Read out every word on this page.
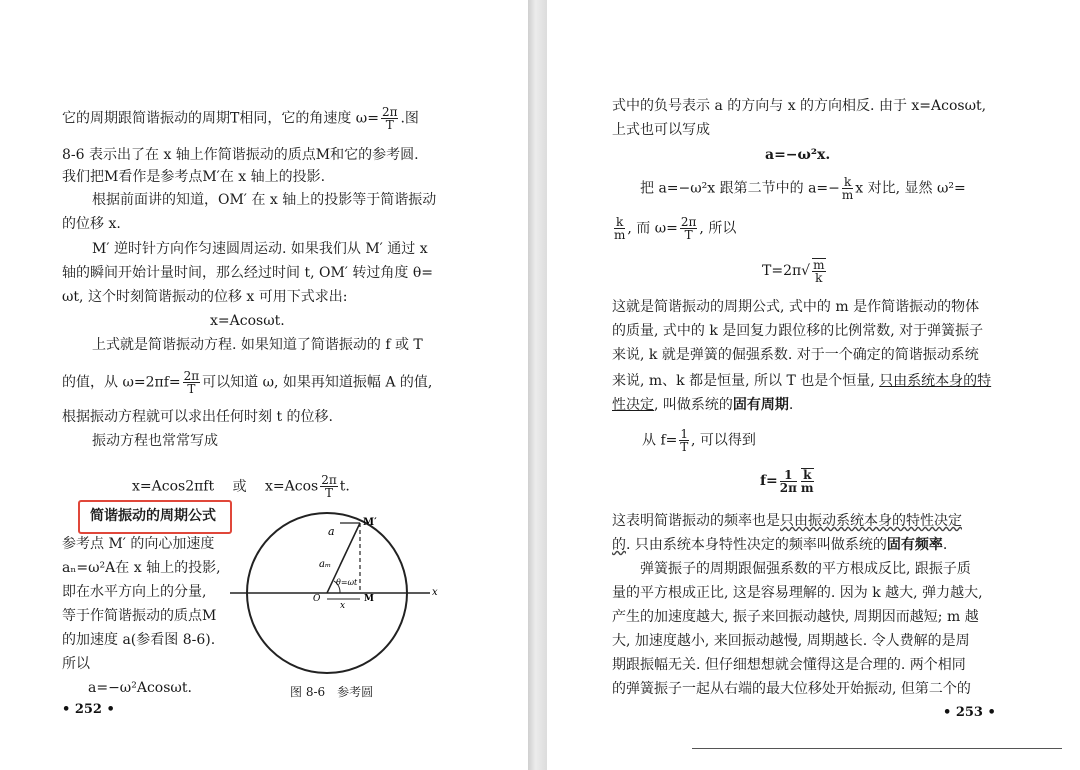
它的周期跟简谐振动的周期T相同，它的角速度 $\omega= \frac{2\pi}{T}$ .图
8-6 表示出了在 x 轴上作简谐振动的质点M和它的参考圆.
我们把M看作是参考点M′在 x 轴上的投影.
根据前面讲的知道，OM′ 在 x 轴上的投影等于简谐振动
的位移 x.
M′ 逆时针方向作匀速圆周运动. 如果我们从 M′ 通过 x
轴的瞬间开始计量时间，那么经过时间 t, OM′ 转过角度 θ=
ωt, 这个时刻简谐振动的位移 x 可用下式求出:
x=Acosωt.
上式就是简谐振动方程. 如果知道了简谐振动的 f 或 T
的值，从 $\omega=2\pi f= \frac{2\pi}{T}$ 可以知道 ω, 如果再知道振幅 A 的值,
根据振动方程就可以求出任何时刻 t 的位移.
振动方程也常常写成
x=Acos2πft 或 $x=Acos \frac{2\pi}{T} t$.
简谐振动的周期公式
参考点 M′ 的向心加速度
aₙ=ω²A在 x 轴上的投影,
即在水平方向上的分量,
等于作简谐振动的质点M
的加速度 a(参看图 8-6).
所以
a=−ω²Acosωt.
a
M′
aₘ
θ=ωt
O
x
M
x
图 8-6　参考圆
• 252 •
式中的负号表示 a 的方向与 x 的方向相反. 由于 x=Acosωt,
上式也可以写成
a=−ω²x.
把 a=−ω²x 跟第二节中的 $a=- \frac{k}{m}$ x 对比, 显然 ω²=
$\frac{k}{m}$ , 而 $\omega= \frac{2\pi}{T}$ , 所以
$T=2\pi√ \frac{m}{k}$
这就是简谐振动的周期公式, 式中的 m 是作简谐振动的物体
的质量, 式中的 k 是回复力跟位移的比例常数, 对于弹簧振子
来说, k 就是弹簧的倔强系数. 对于一个确定的简谐振动系统
来说, m、k 都是恒量, 所以 T 也是个恒量, 只由系统本身的特
性决定, 叫做系统的固有周期.
从 $f= \frac{1}{T}$ , 可以得到
$f= \frac{1}{2\pi} \frac{k}{m}$
这表明简谐振动的频率也是只由振动系统本身的特性决定
的. 只由系统本身特性决定的频率叫做系统的固有频率.
弹簧振子的周期跟倔强系数的平方根成反比, 跟振子质
量的平方根成正比, 这是容易理解的. 因为 k 越大, 弹力越大,
产生的加速度越大, 振子来回振动越快, 周期因而越短; m 越
大, 加速度越小, 来回振动越慢, 周期越长. 令人费解的是周
期跟振幅无关. 但仔细想想就会懂得这是合理的. 两个相同
的弹簧振子一起从右端的最大位移处开始振动, 但第二个的
• 253 •
